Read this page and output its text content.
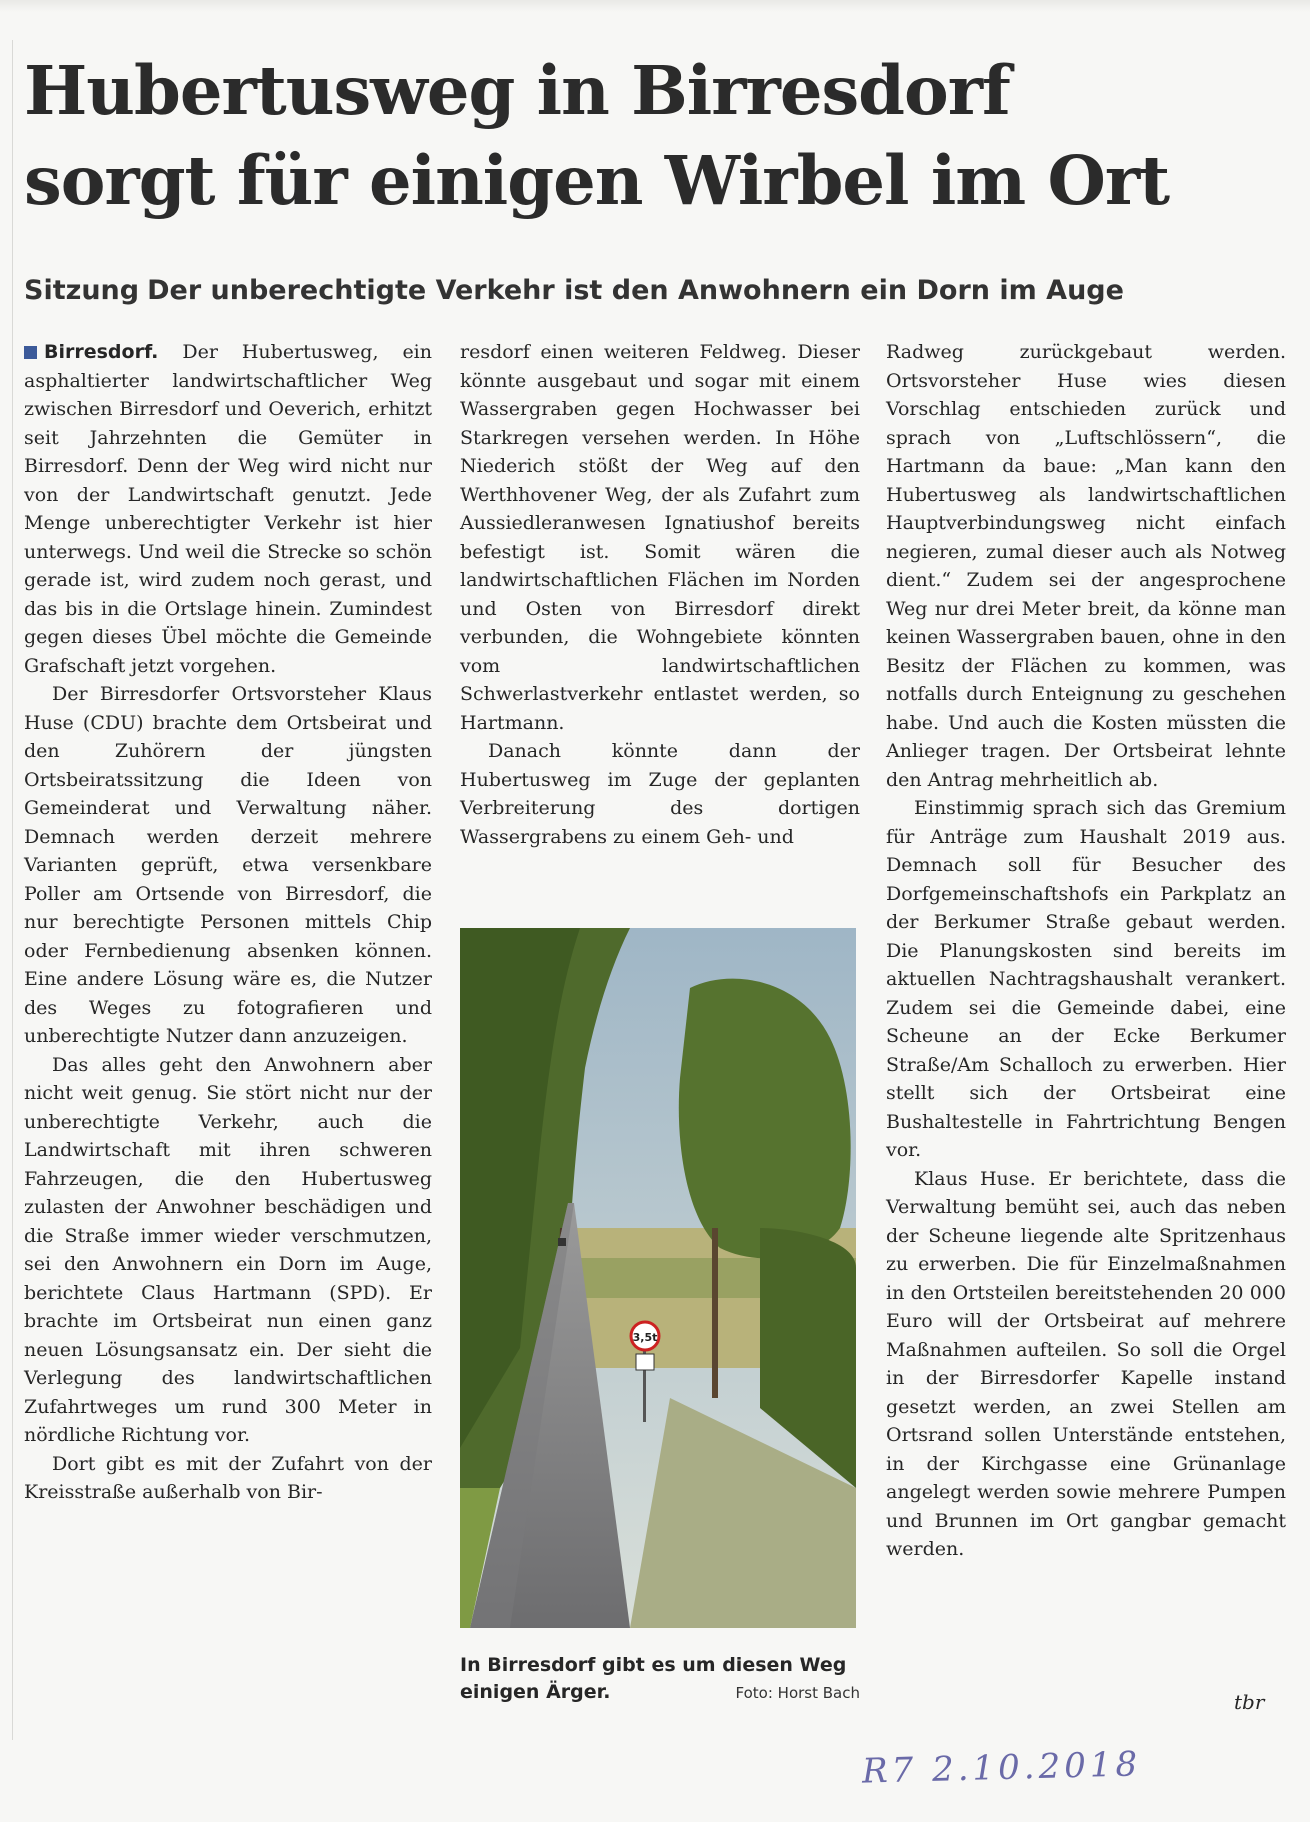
Hubertusweg in Birresdorf
sorgt für einigen Wirbel im Ort
Sitzung Der unberechtigte Verkehr ist den Anwohnern ein Dorn im Auge

Birresdorf. Der Hubertusweg, ein asphaltierter landwirtschaftlicher Weg zwischen Birresdorf und Oeverich, erhitzt seit Jahrzehnten die Gemüter in Birresdorf. Denn der Weg wird nicht nur von der Landwirtschaft genutzt. Jede Menge unberechtigter Verkehr ist hier unterwegs. Und weil die Strecke so schön gerade ist, wird zudem noch gerast, und das bis in die Ortslage hinein. Zumindest gegen dieses Übel möchte die Gemeinde Grafschaft jetzt vorgehen.

Der Birresdorfer Ortsvorsteher Klaus Huse (CDU) brachte dem Ortsbeirat und den Zuhörern der jüngsten Ortsbeiratssitzung die Ideen von Gemeinderat und Verwaltung näher. Demnach werden derzeit mehrere Varianten geprüft, etwa versenkbare Poller am Ortsende von Birresdorf, die nur berechtigte Personen mittels Chip oder Fernbedienung absenken können. Eine andere Lösung wäre es, die Nutzer des Weges zu fotografieren und unberechtigte Nutzer dann anzuzeigen.

Das alles geht den Anwohnern aber nicht weit genug. Sie stört nicht nur der unberechtigte Verkehr, auch die Landwirtschaft mit ihren schweren Fahrzeugen, die den Hubertusweg zulasten der Anwohner beschädigen und die Straße immer wieder verschmutzen, sei den Anwohnern ein Dorn im Auge, berichtete Claus Hartmann (SPD). Er brachte im Ortsbeirat nun einen ganz neuen Lösungsansatz ein. Der sieht die Verlegung des landwirtschaftlichen Zufahrtweges um rund 300 Meter in nördliche Richtung vor.

Dort gibt es mit der Zufahrt von der Kreisstraße außerhalb von Bir-

resdorf einen weiteren Feldweg. Dieser könnte ausgebaut und sogar mit einem Wassergraben gegen Hochwasser bei Starkregen versehen werden. In Höhe Niederich stößt der Weg auf den Werthhovener Weg, der als Zufahrt zum Aussiedleranwesen Ignatiushof bereits befestigt ist. Somit wären die landwirtschaftlichen Flächen im Norden und Osten von Birresdorf direkt verbunden, die Wohngebiete könnten vom landwirtschaftlichen Schwerlastverkehr entlastet werden, so Hartmann.

Danach könnte dann der Hubertusweg im Zuge der geplanten Verbreiterung des dortigen Wassergrabens zu einem Geh- und

3,5t
In Birresdorf gibt es um diesen Weg
einigen Ärger.	Foto: Horst Bach

Radweg zurückgebaut werden. Ortsvorsteher Huse wies diesen Vorschlag entschieden zurück und sprach von „Luftschlössern“, die Hartmann da baue: „Man kann den Hubertusweg als landwirtschaftlichen Hauptverbindungsweg nicht einfach negieren, zumal dieser auch als Notweg dient.“ Zudem sei der angesprochene Weg nur drei Meter breit, da könne man keinen Wassergraben bauen, ohne in den Besitz der Flächen zu kommen, was notfalls durch Enteignung zu geschehen habe. Und auch die Kosten müssten die Anlieger tragen. Der Ortsbeirat lehnte den Antrag mehrheitlich ab.

Einstimmig sprach sich das Gremium für Anträge zum Haushalt 2019 aus. Demnach soll für Besucher des Dorfgemeinschaftshofs ein Parkplatz an der Berkumer Straße gebaut werden. Die Planungskosten sind bereits im aktuellen Nachtragshaushalt verankert. Zudem sei die Gemeinde dabei, eine Scheune an der Ecke Berkumer Straße/Am Schalloch zu erwerben. Hier stellt sich der Ortsbeirat eine Bushaltestelle in Fahrtrichtung Bengen vor.

Klaus Huse. Er berichtete, dass die Verwaltung bemüht sei, auch das neben der Scheune liegende alte Spritzenhaus zu erwerben. Die für Einzelmaßnahmen in den Ortsteilen bereitstehenden 20 000 Euro will der Ortsbeirat auf mehrere Maßnahmen aufteilen. So soll die Orgel in der Birresdorfer Kapelle instand gesetzt werden, an zwei Stellen am Ortsrand sollen Unterstände entstehen, in der Kirchgasse eine Grünanlage angelegt werden sowie mehrere Pumpen und Brunnen im Ort gangbar gemacht werden.

tbr
R7 2.10.2018
